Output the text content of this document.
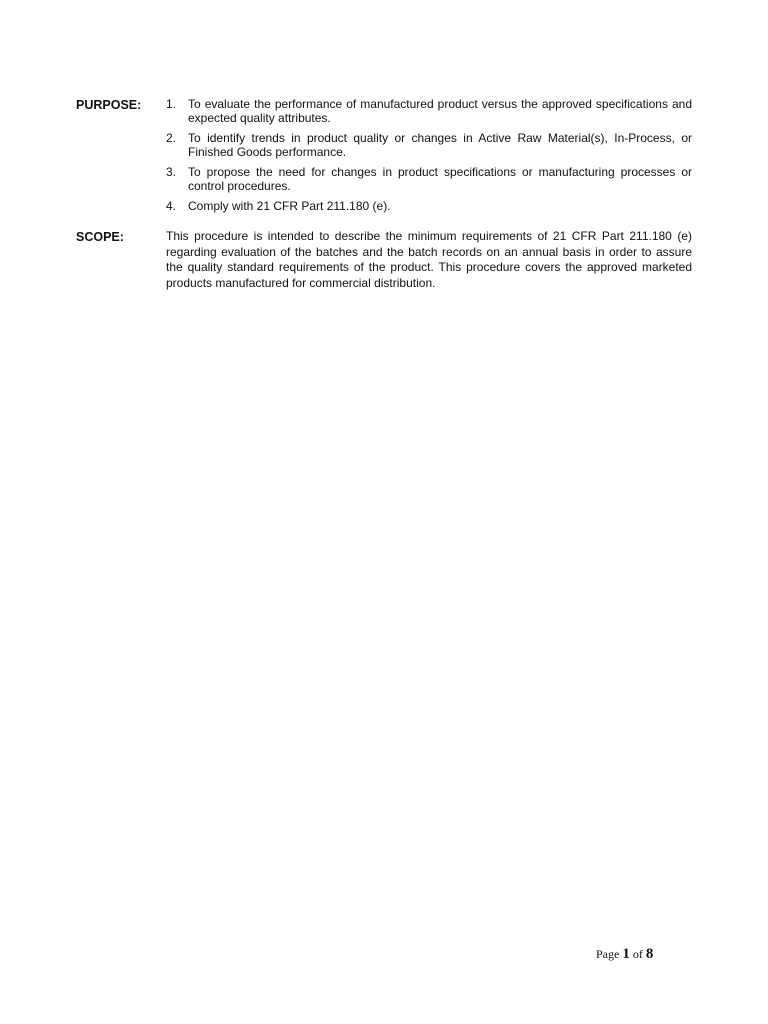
PURPOSE:	1. To evaluate the performance of manufactured product versus the approved specifications and expected quality attributes.
2. To identify trends in product quality or changes in Active Raw Material(s), In-Process, or Finished Goods performance.
3. To propose the need for changes in product specifications or manufacturing processes or control procedures.
4. Comply with 21 CFR Part 211.180 (e).
SCOPE:	This procedure is intended to describe the minimum requirements of 21 CFR Part 211.180 (e) regarding evaluation of the batches and the batch records on an annual basis in order to assure the quality standard requirements of the product. This procedure covers the approved marketed products manufactured for commercial distribution.
Page 1 of 8
